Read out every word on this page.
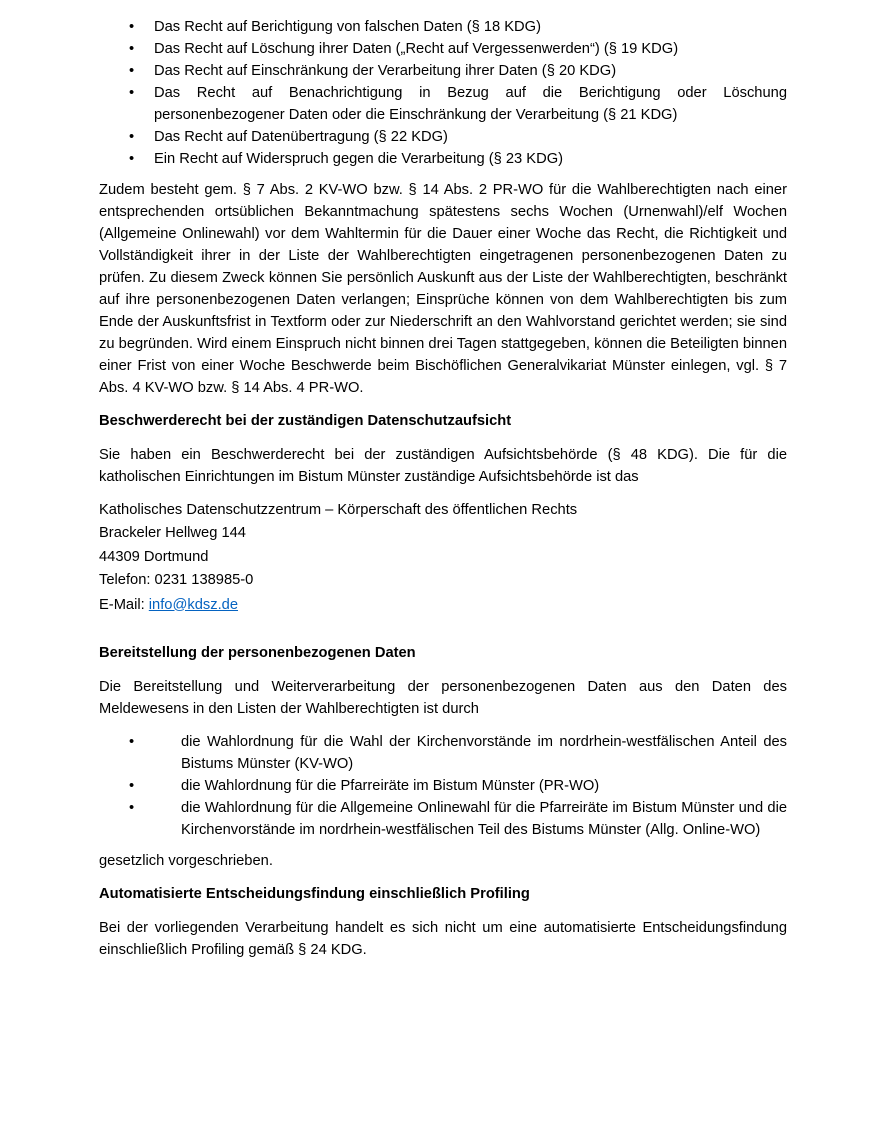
• Das Recht auf Berichtigung von falschen Daten (§ 18 KDG)
• Das Recht auf Löschung ihrer Daten („Recht auf Vergessenwerden“) (§ 19 KDG)
• Das Recht auf Einschränkung der Verarbeitung ihrer Daten (§ 20 KDG)
• Das Recht auf Benachrichtigung in Bezug auf die Berichtigung oder Löschung personenbezogener Daten oder die Einschränkung der Verarbeitung (§ 21 KDG)
• Das Recht auf Datenübertragung (§ 22 KDG)
• Ein Recht auf Widerspruch gegen die Verarbeitung (§ 23 KDG)

Zudem besteht gem. § 7 Abs. 2 KV-WO bzw. § 14 Abs. 2 PR-WO für die Wahlberechtigten nach einer entsprechenden ortsüblichen Bekanntmachung spätestens sechs Wochen (Urnenwahl)/elf Wochen (Allgemeine Onlinewahl) vor dem Wahltermin für die Dauer einer Woche das Recht, die Richtigkeit und Vollständigkeit ihrer in der Liste der Wahlberechtigten eingetragenen personenbezogenen Daten zu prüfen. Zu diesem Zweck können Sie persönlich Auskunft aus der Liste der Wahlberechtigten, beschränkt auf ihre personenbezogenen Daten verlangen; Einsprüche können von dem Wahlberechtigten bis zum Ende der Auskunftsfrist in Textform oder zur Niederschrift an den Wahlvorstand gerichtet werden; sie sind zu begründen. Wird einem Einspruch nicht binnen drei Tagen stattgegeben, können die Beteiligten binnen einer Frist von einer Woche Beschwerde beim Bischöflichen Generalvikariat Münster einlegen, vgl. § 7 Abs. 4 KV-WO bzw. § 14 Abs. 4 PR-WO.

Beschwerderecht bei der zuständigen Datenschutzaufsicht

Sie haben ein Beschwerderecht bei der zuständigen Aufsichtsbehörde (§ 48 KDG). Die für die katholischen Einrichtungen im Bistum Münster zuständige Aufsichtsbehörde ist das

Katholisches Datenschutzzentrum – Körperschaft des öffentlichen Rechts
Brackeler Hellweg 144
44309 Dortmund
Telefon: 0231 138985-0
E-Mail: info@kdsz.de
Bereitstellung der personenbezogenen Daten

Die Bereitstellung und Weiterverarbeitung der personenbezogenen Daten aus den Daten des Meldewesens in den Listen der Wahlberechtigten ist durch

• die Wahlordnung für die Wahl der Kirchenvorstände im nordrhein-westfälischen Anteil des Bistums Münster (KV-WO)
• die Wahlordnung für die Pfarreiräte im Bistum Münster (PR-WO)
• die Wahlordnung für die Allgemeine Onlinewahl für die Pfarreiräte im Bistum Münster und die Kirchenvorstände im nordrhein-westfälischen Teil des Bistums Münster (Allg. Online-WO)

gesetzlich vorgeschrieben.

Automatisierte Entscheidungsfindung einschließlich Profiling

Bei der vorliegenden Verarbeitung handelt es sich nicht um eine automatisierte Entscheidungsfindung einschließlich Profiling gemäß § 24 KDG.
